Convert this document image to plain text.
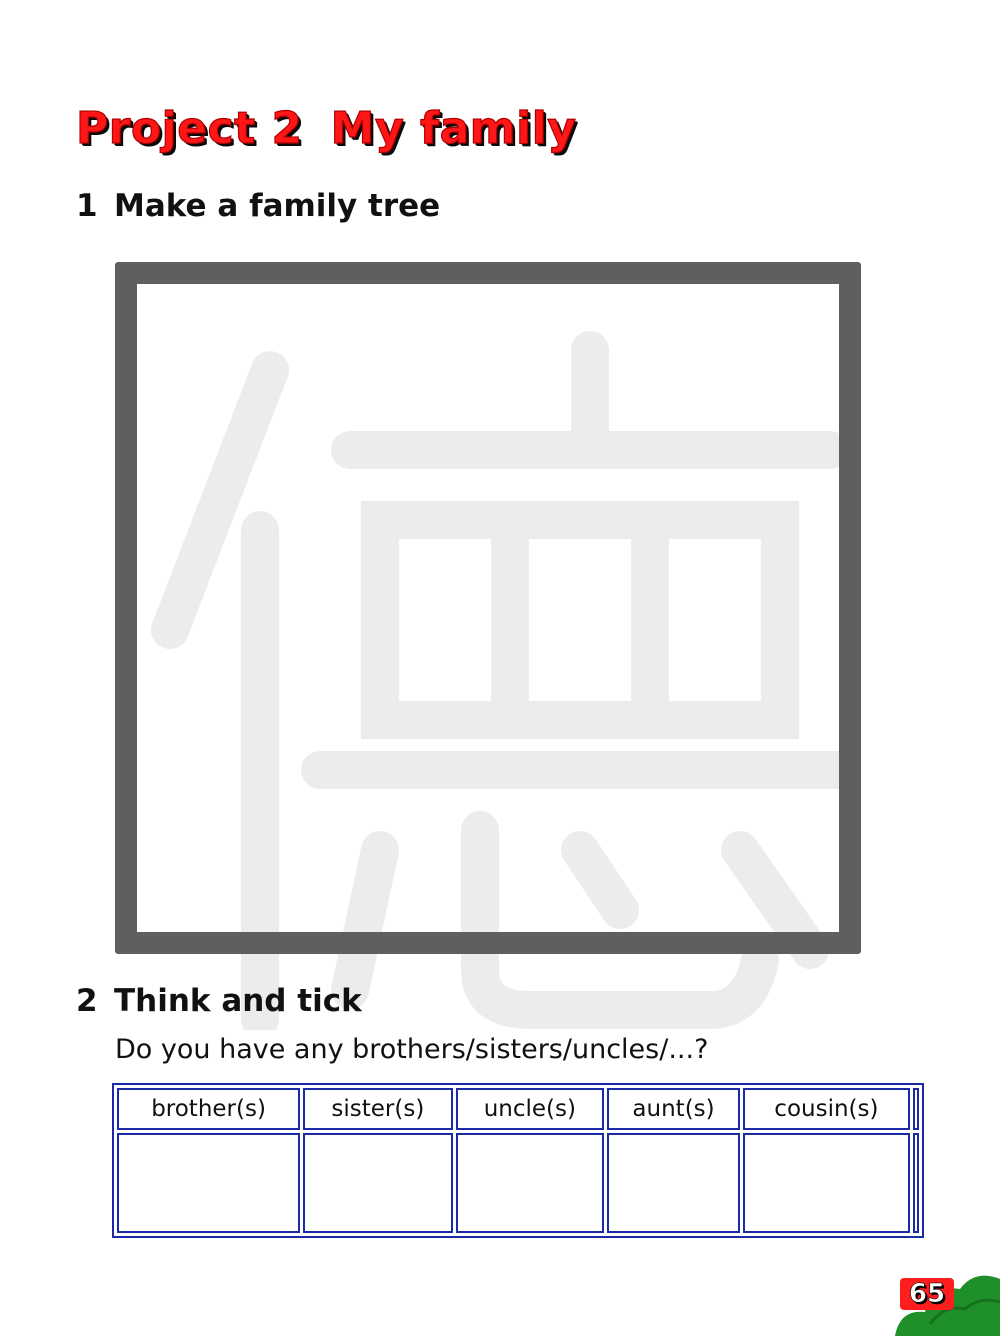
Project 2 My family
1 Make a family tree
2 Think and tick
Do you have any brothers/sisters/uncles/...?
brother(s)	sister(s)	uncle(s)	aunt(s)	cousin(s)	

65
